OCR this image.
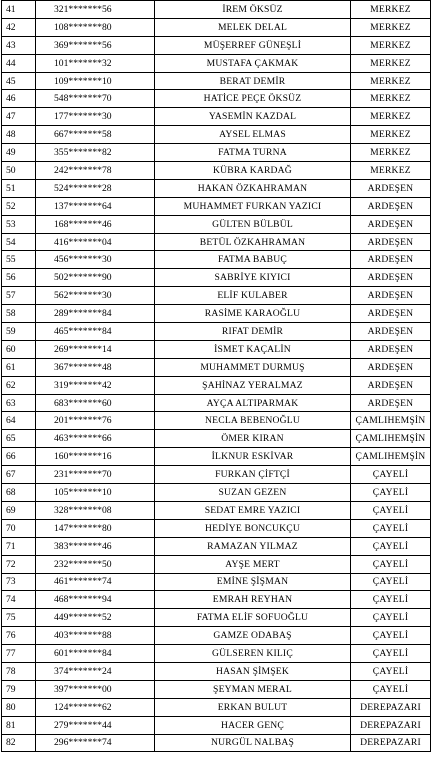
41	321*******56	İREM ÖKSÜZ	MERKEZ
42	108*******80	MELEK DELAL	MERKEZ
43	369*******56	MÜŞERREF GÜNEŞLİ	MERKEZ
44	101*******32	MUSTAFA ÇAKMAK	MERKEZ
45	109*******10	BERAT DEMİR	MERKEZ
46	548*******70	HATİCE PEÇE ÖKSÜZ	MERKEZ
47	177*******30	YASEMİN KAZDAL	MERKEZ
48	667*******58	AYSEL ELMAS	MERKEZ
49	355*******82	FATMA TURNA	MERKEZ
50	242*******78	KÜBRA KARDAĞ	MERKEZ
51	524*******28	HAKAN ÖZKAHRAMAN	ARDEŞEN
52	137*******64	MUHAMMET FURKAN YAZICI	ARDEŞEN
53	168*******46	GÜLTEN BÜLBÜL	ARDEŞEN
54	416*******04	BETÜL ÖZKAHRAMAN	ARDEŞEN
55	456*******30	FATMA BABUÇ	ARDEŞEN
56	502*******90	SABRİYE KIYICI	ARDEŞEN
57	562*******30	ELİF KULABER	ARDEŞEN
58	289*******84	RASİME KARAOĞLU	ARDEŞEN
59	465*******84	RIFAT DEMİR	ARDEŞEN
60	269*******14	İSMET KAÇALİN	ARDEŞEN
61	367*******48	MUHAMMET DURMUŞ	ARDEŞEN
62	319*******42	ŞAHİNAZ YERALMAZ	ARDEŞEN
63	683*******60	AYÇA ALTIPARMAK	ARDEŞEN
64	201*******76	NECLA BEBENOĞLU	ÇAMLIHEMŞİN
65	463*******66	ÖMER KIRAN	ÇAMLIHEMŞİN
66	160*******16	İLKNUR ESKİVAR	ÇAMLIHEMŞİN
67	231*******70	FURKAN ÇİFTÇİ	ÇAYELİ
68	105*******10	SUZAN GEZEN	ÇAYELİ
69	328*******08	SEDAT EMRE YAZICI	ÇAYELİ
70	147*******80	HEDİYE BONCUKÇU	ÇAYELİ
71	383*******46	RAMAZAN YILMAZ	ÇAYELİ
72	232*******50	AYŞE MERT	ÇAYELİ
73	461*******74	EMİNE ŞİŞMAN	ÇAYELİ
74	468*******94	EMRAH REYHAN	ÇAYELİ
75	449*******52	FATMA ELİF SOFUOĞLU	ÇAYELİ
76	403*******88	GAMZE ODABAŞ	ÇAYELİ
77	601*******84	GÜLSEREN KILIÇ	ÇAYELİ
78	374*******24	HASAN ŞİMŞEK	ÇAYELİ
79	397*******00	ŞEYMAN MERAL	ÇAYELİ
80	124*******62	ERKAN BULUT	DEREPAZARI
81	279*******44	HACER GENÇ	DEREPAZARI
82	296*******74	NURGÜL NALBAŞ	DEREPAZARI
